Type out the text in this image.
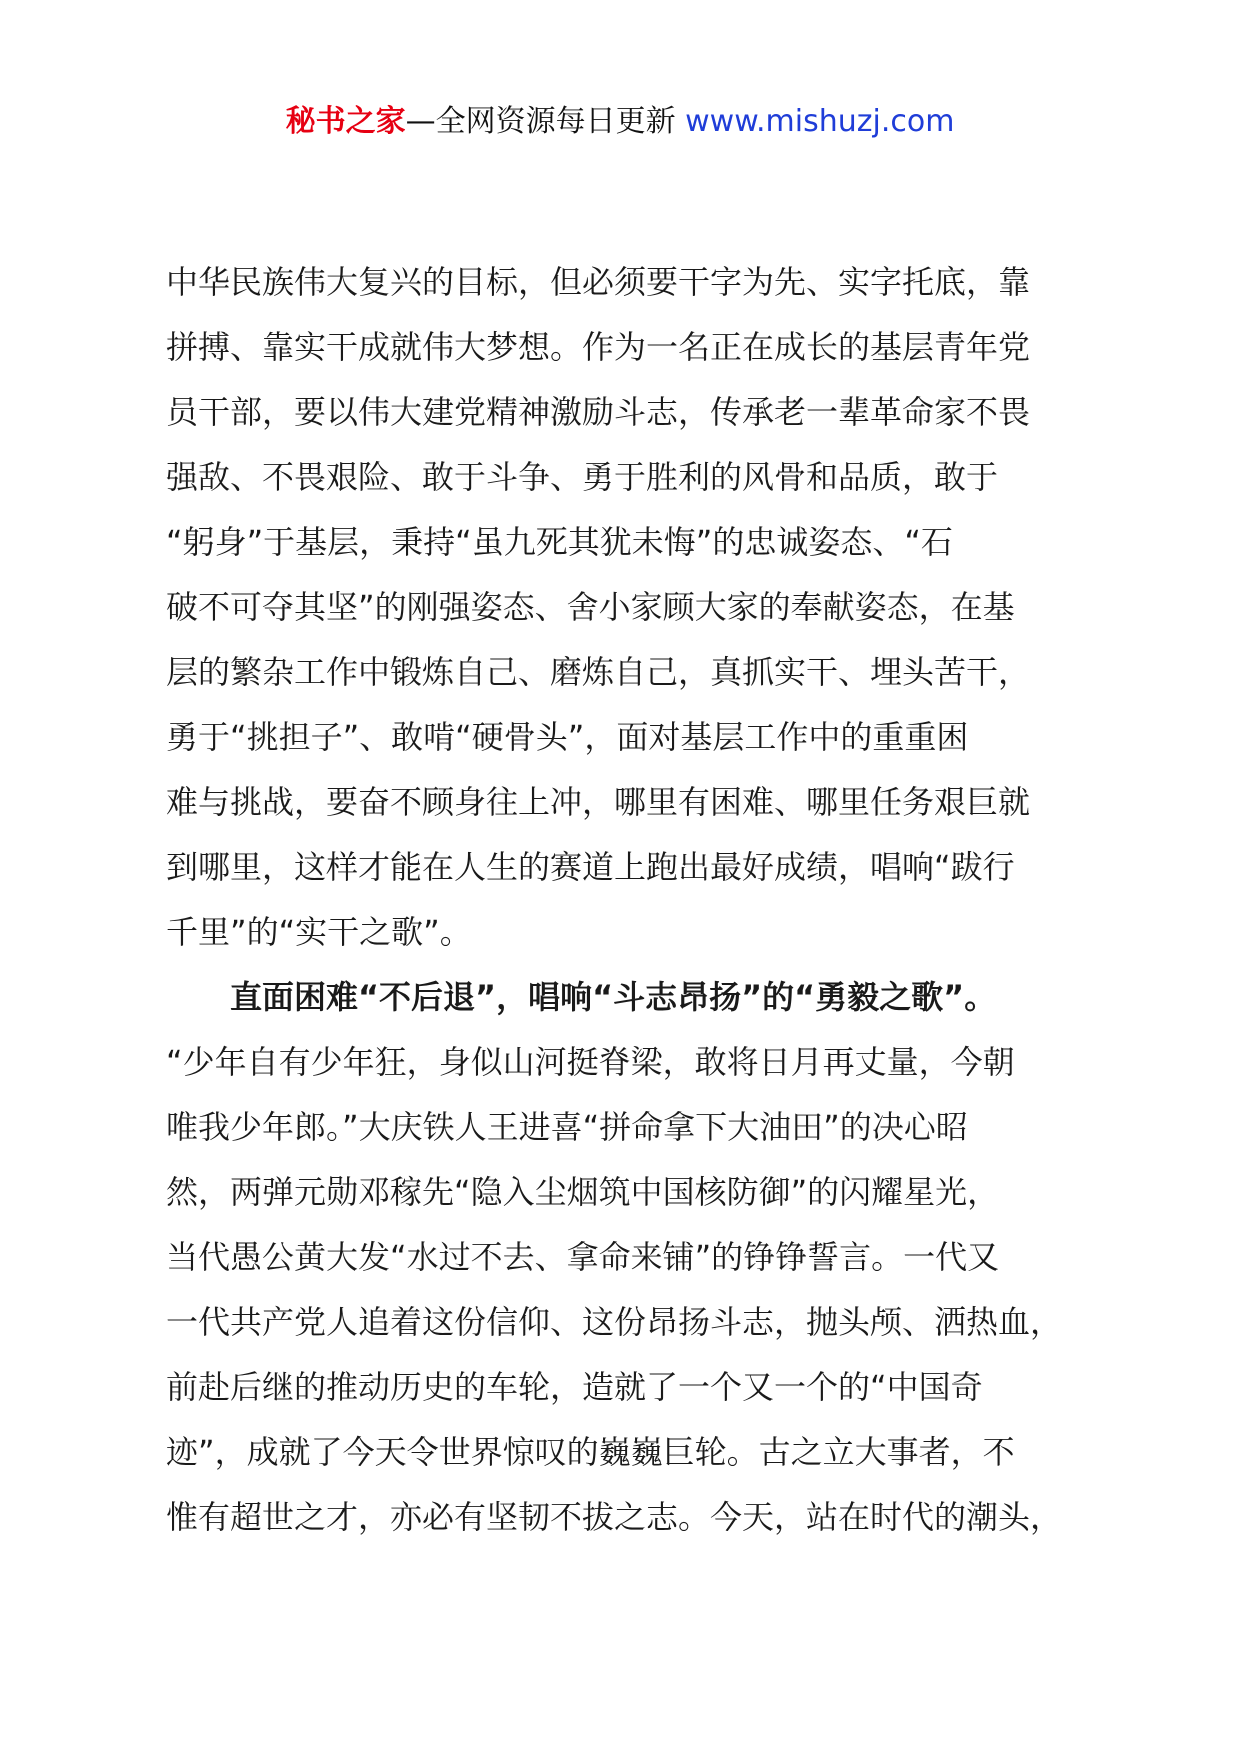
秘书之家—全网资源每日更新 www.mishuzj.com
中华民族伟大复兴的目标，但必须要干字为先、实字托底，靠
拼搏、靠实干成就伟大梦想。作为一名正在成长的基层青年党
员干部，要以伟大建党精神激励斗志，传承老一辈革命家不畏
强敌、不畏艰险、敢于斗争、勇于胜利的风骨和品质，敢于
“躬身”于基层，秉持“虽九死其犹未悔”的忠诚姿态、“石
破不可夺其坚”的刚强姿态、舍小家顾大家的奉献姿态，在基
层的繁杂工作中锻炼自己、磨炼自己，真抓实干、埋头苦干，
勇于“挑担子”、敢啃“硬骨头”，面对基层工作中的重重困
难与挑战，要奋不顾身往上冲，哪里有困难、哪里任务艰巨就
到哪里，这样才能在人生的赛道上跑出最好成绩，唱响“跋行
千里”的“实干之歌”。
直面困难“不后退”，唱响“斗志昂扬”的“勇毅之歌”。
“少年自有少年狂，身似山河挺脊梁，敢将日月再丈量，今朝
唯我少年郎。”大庆铁人王进喜“拼命拿下大油田”的决心昭
然，两弹元勋邓稼先“隐入尘烟筑中国核防御”的闪耀星光，
当代愚公黄大发“水过不去、拿命来铺”的铮铮誓言。一代又
一代共产党人追着这份信仰、这份昂扬斗志，抛头颅、洒热血，
前赴后继的推动历史的车轮，造就了一个又一个的“中国奇
迹”，成就了今天令世界惊叹的巍巍巨轮。古之立大事者，不
惟有超世之才，亦必有坚韧不拔之志。今天，站在时代的潮头，
